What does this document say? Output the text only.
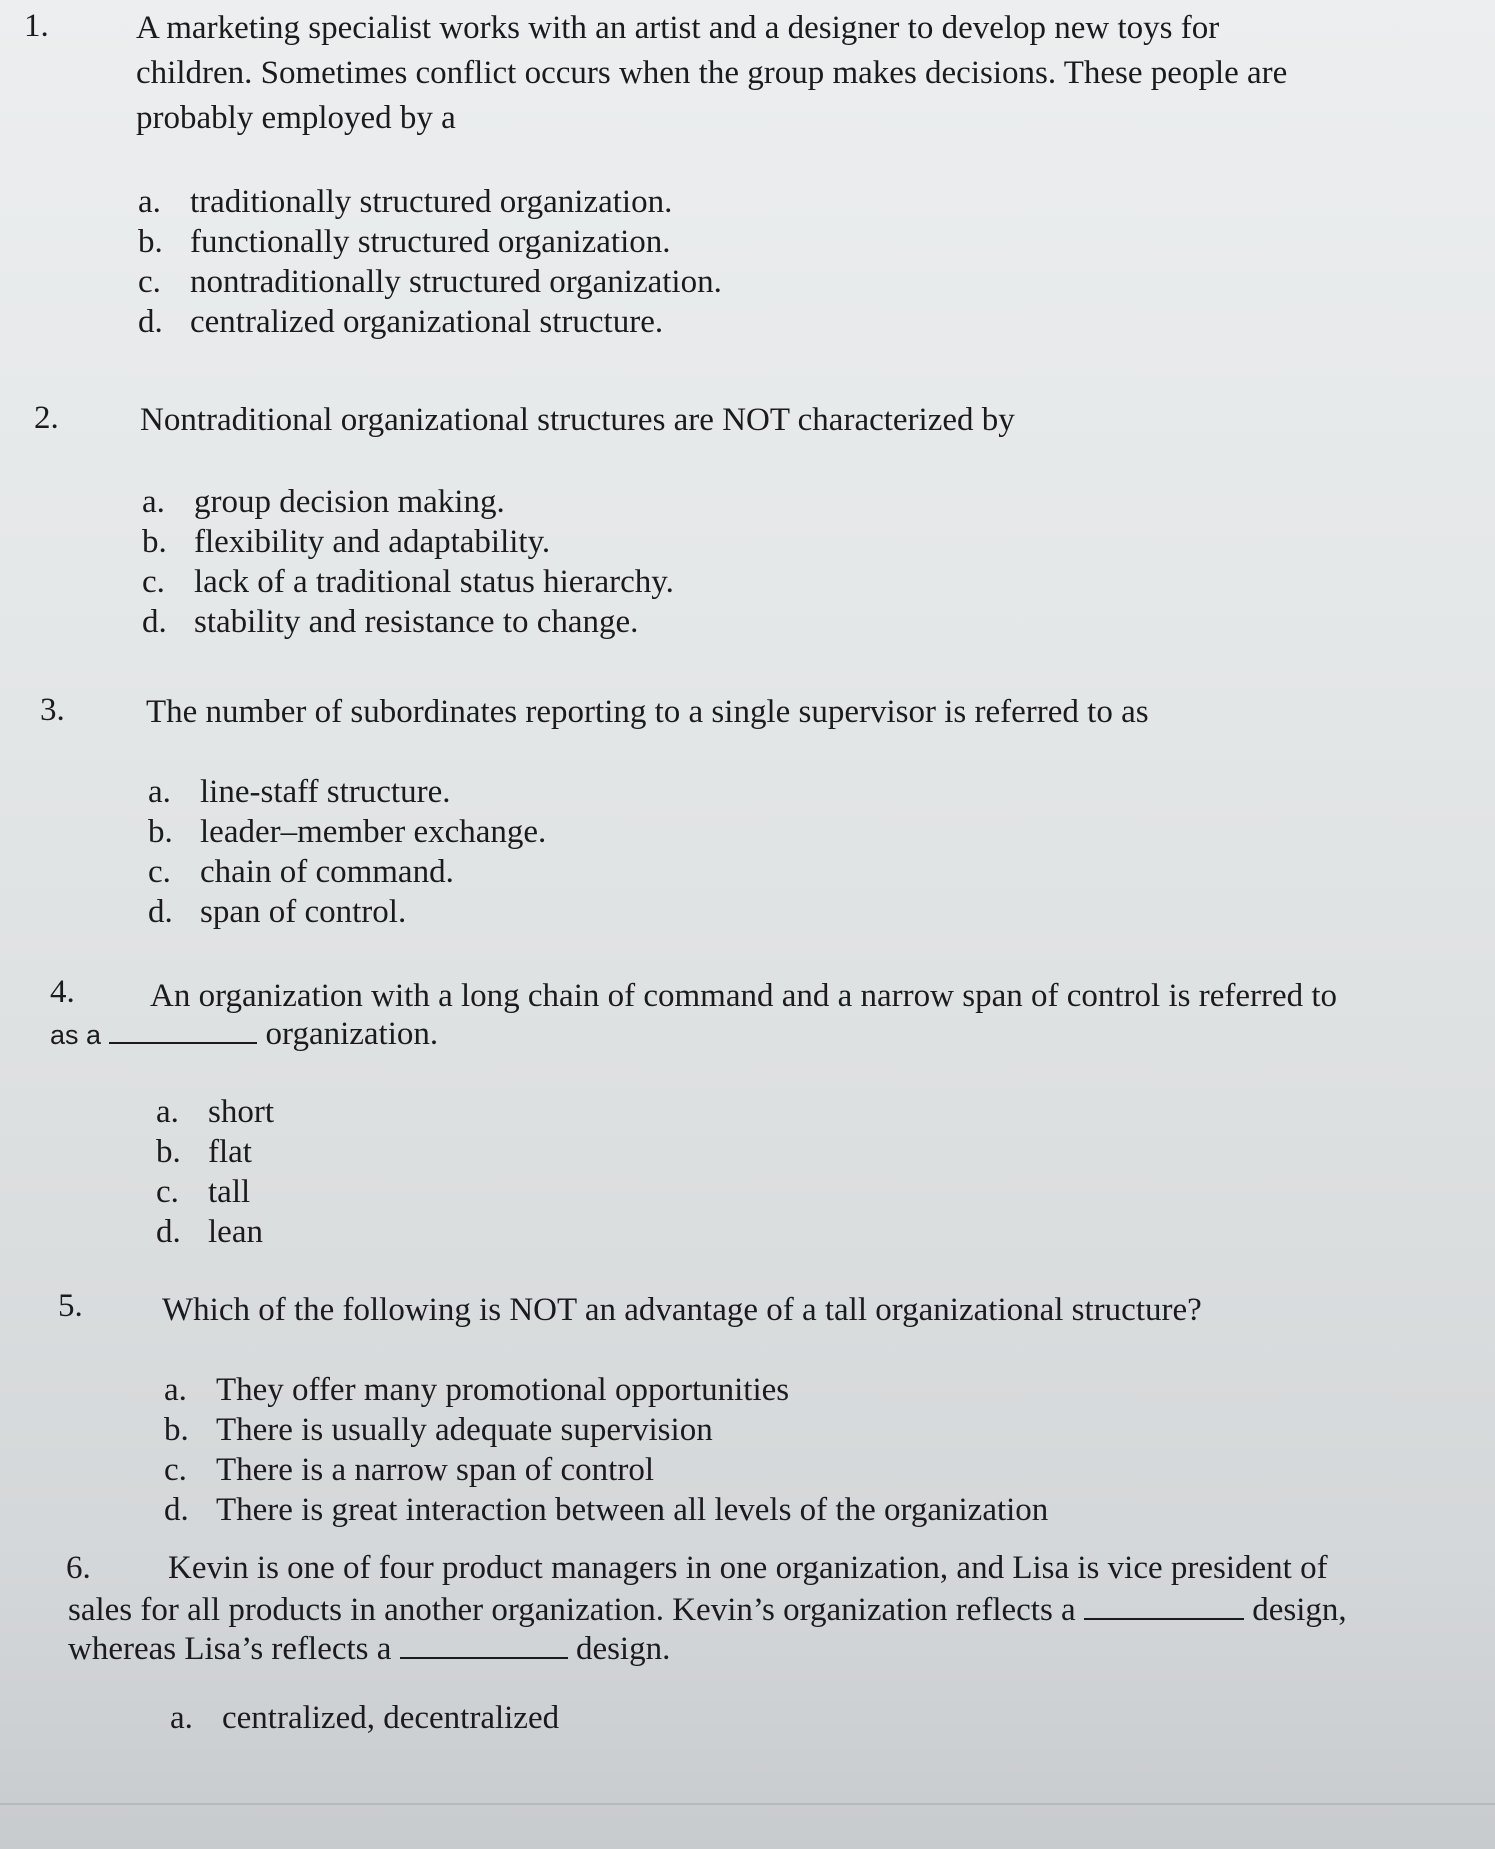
1.	A marketing specialist works with an artist and a designer to develop new toys for
children. Sometimes conflict occurs when the group makes decisions. These people are
probably employed by a
a. traditionally structured organization.
b. functionally structured organization.
c. nontraditionally structured organization.
d. centralized organizational structure.
2. Nontraditional organizational structures are NOT characterized by
a. group decision making.
b. flexibility and adaptability.
c. lack of a traditional status hierarchy.
d. stability and resistance to change.
3. The number of subordinates reporting to a single supervisor is referred to as
a. line-staff structure.
b. leader–member exchange.
c. chain of command.
d. span of control.
4. An organization with a long chain of command and a narrow span of control is referred to
as a	organization.
a. short
b. flat
c. tall
d. lean
5. Which of the following is NOT an advantage of a tall organizational structure?
a. They offer many promotional opportunities
b. There is usually adequate supervision
c. There is a narrow span of control
d. There is great interaction between all levels of the organization
6. Kevin is one of four product managers in one organization, and Lisa is vice president of
sales for all products in another organization. Kevin’s organization reflects a	design,
whereas Lisa’s reflects a	design.
a. centralized, decentralized
